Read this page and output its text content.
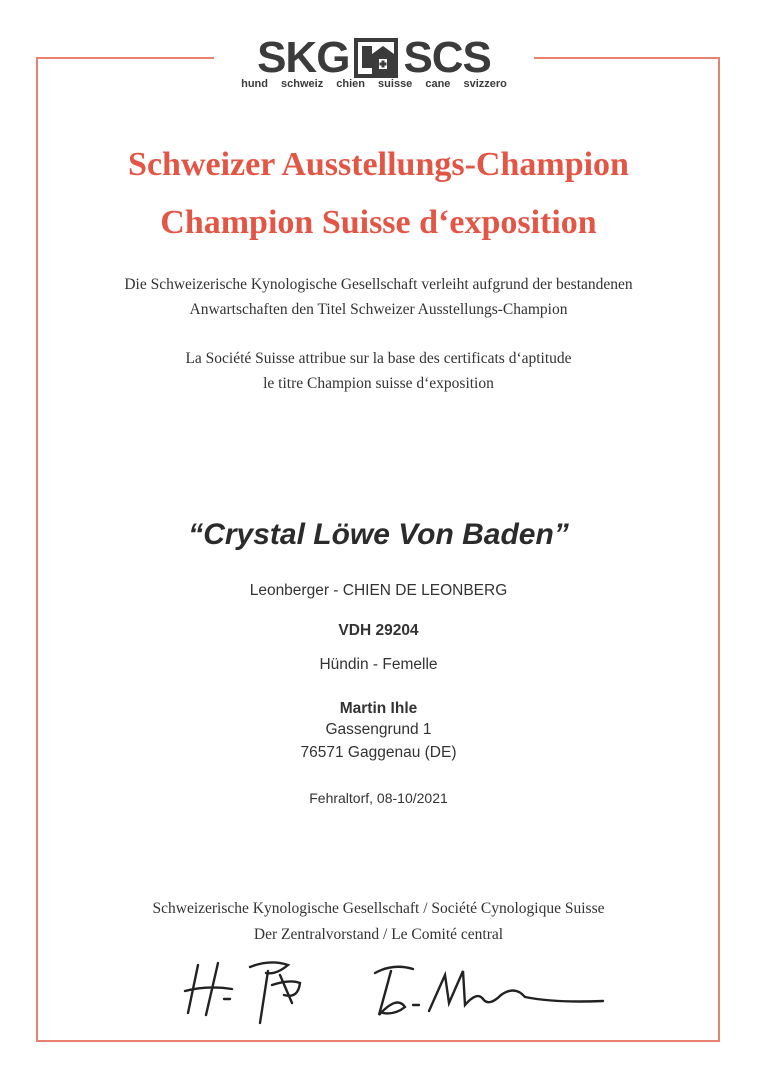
SKG SCS
hund schweiz chien suisse cane svizzero
Schweizer Ausstellungs-Champion
Champion Suisse d‘exposition
Die Schweizerische Kynologische Gesellschaft verleiht aufgrund der bestandenen
Anwartschaften den Titel Schweizer Ausstellungs-Champion
La Société Suisse attribue sur la base des certificats d‘aptitude
le titre Champion suisse d‘exposition
“Crystal Löwe Von Baden”
Leonberger - CHIEN DE LEONBERG
VDH 29204
Hündin - Femelle
Martin Ihle
Gassengrund 1
76571 Gaggenau (DE)
Fehraltorf, 08-10/2021
Schweizerische Kynologische Gesellschaft / Société Cynologique Suisse
Der Zentralvorstand / Le Comité central
